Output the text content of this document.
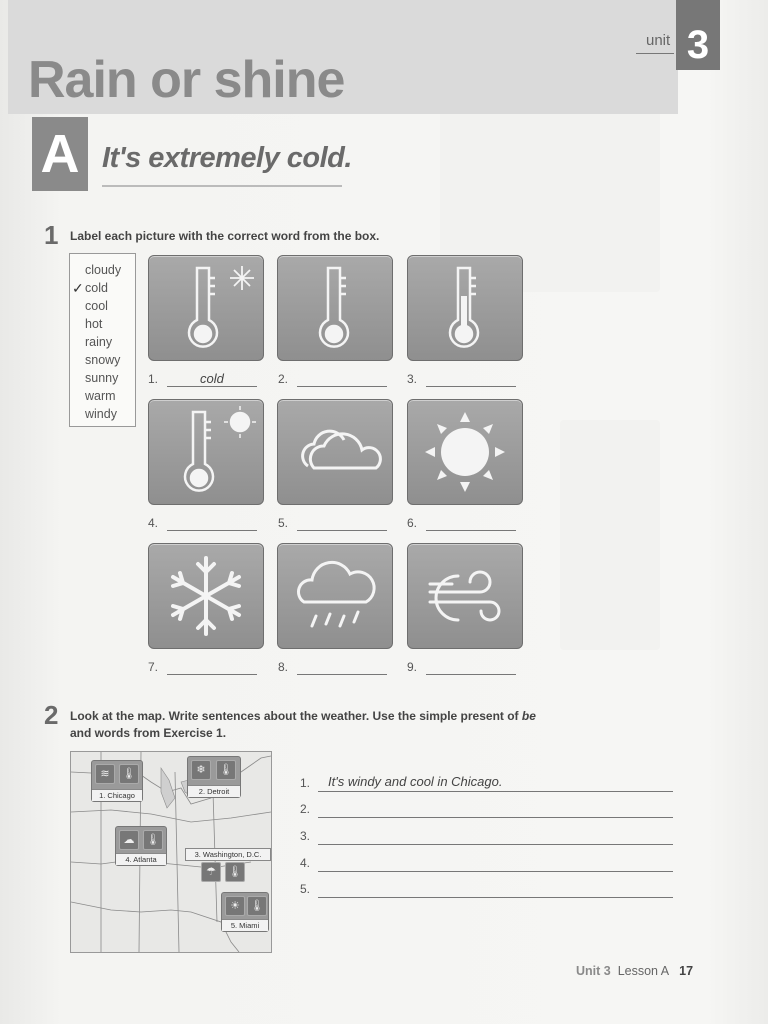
Rain or shine
unit 3
A It's extremely cold.
1 Label each picture with the correct word from the box.
cloudy
✓ cold
cool
hot
rainy
snowy
sunny
warm
windy
1.	cold	2.	3.
4.	5.	6.
7.	8.	9.
2 Look at the map. Write sentences about the weather. Use the simple present of be
and words from Exercise 1.
≋	🌡
1. Chicago
❄	🌡
2. Detroit
☁	🌡
4. Atlanta
3. Washington, D.C.
☂	🌡
☀ 🌡
5. Miami
1. It's windy and cool in Chicago.
2.
3.
4.
5.
Unit 3 Lesson A 17
